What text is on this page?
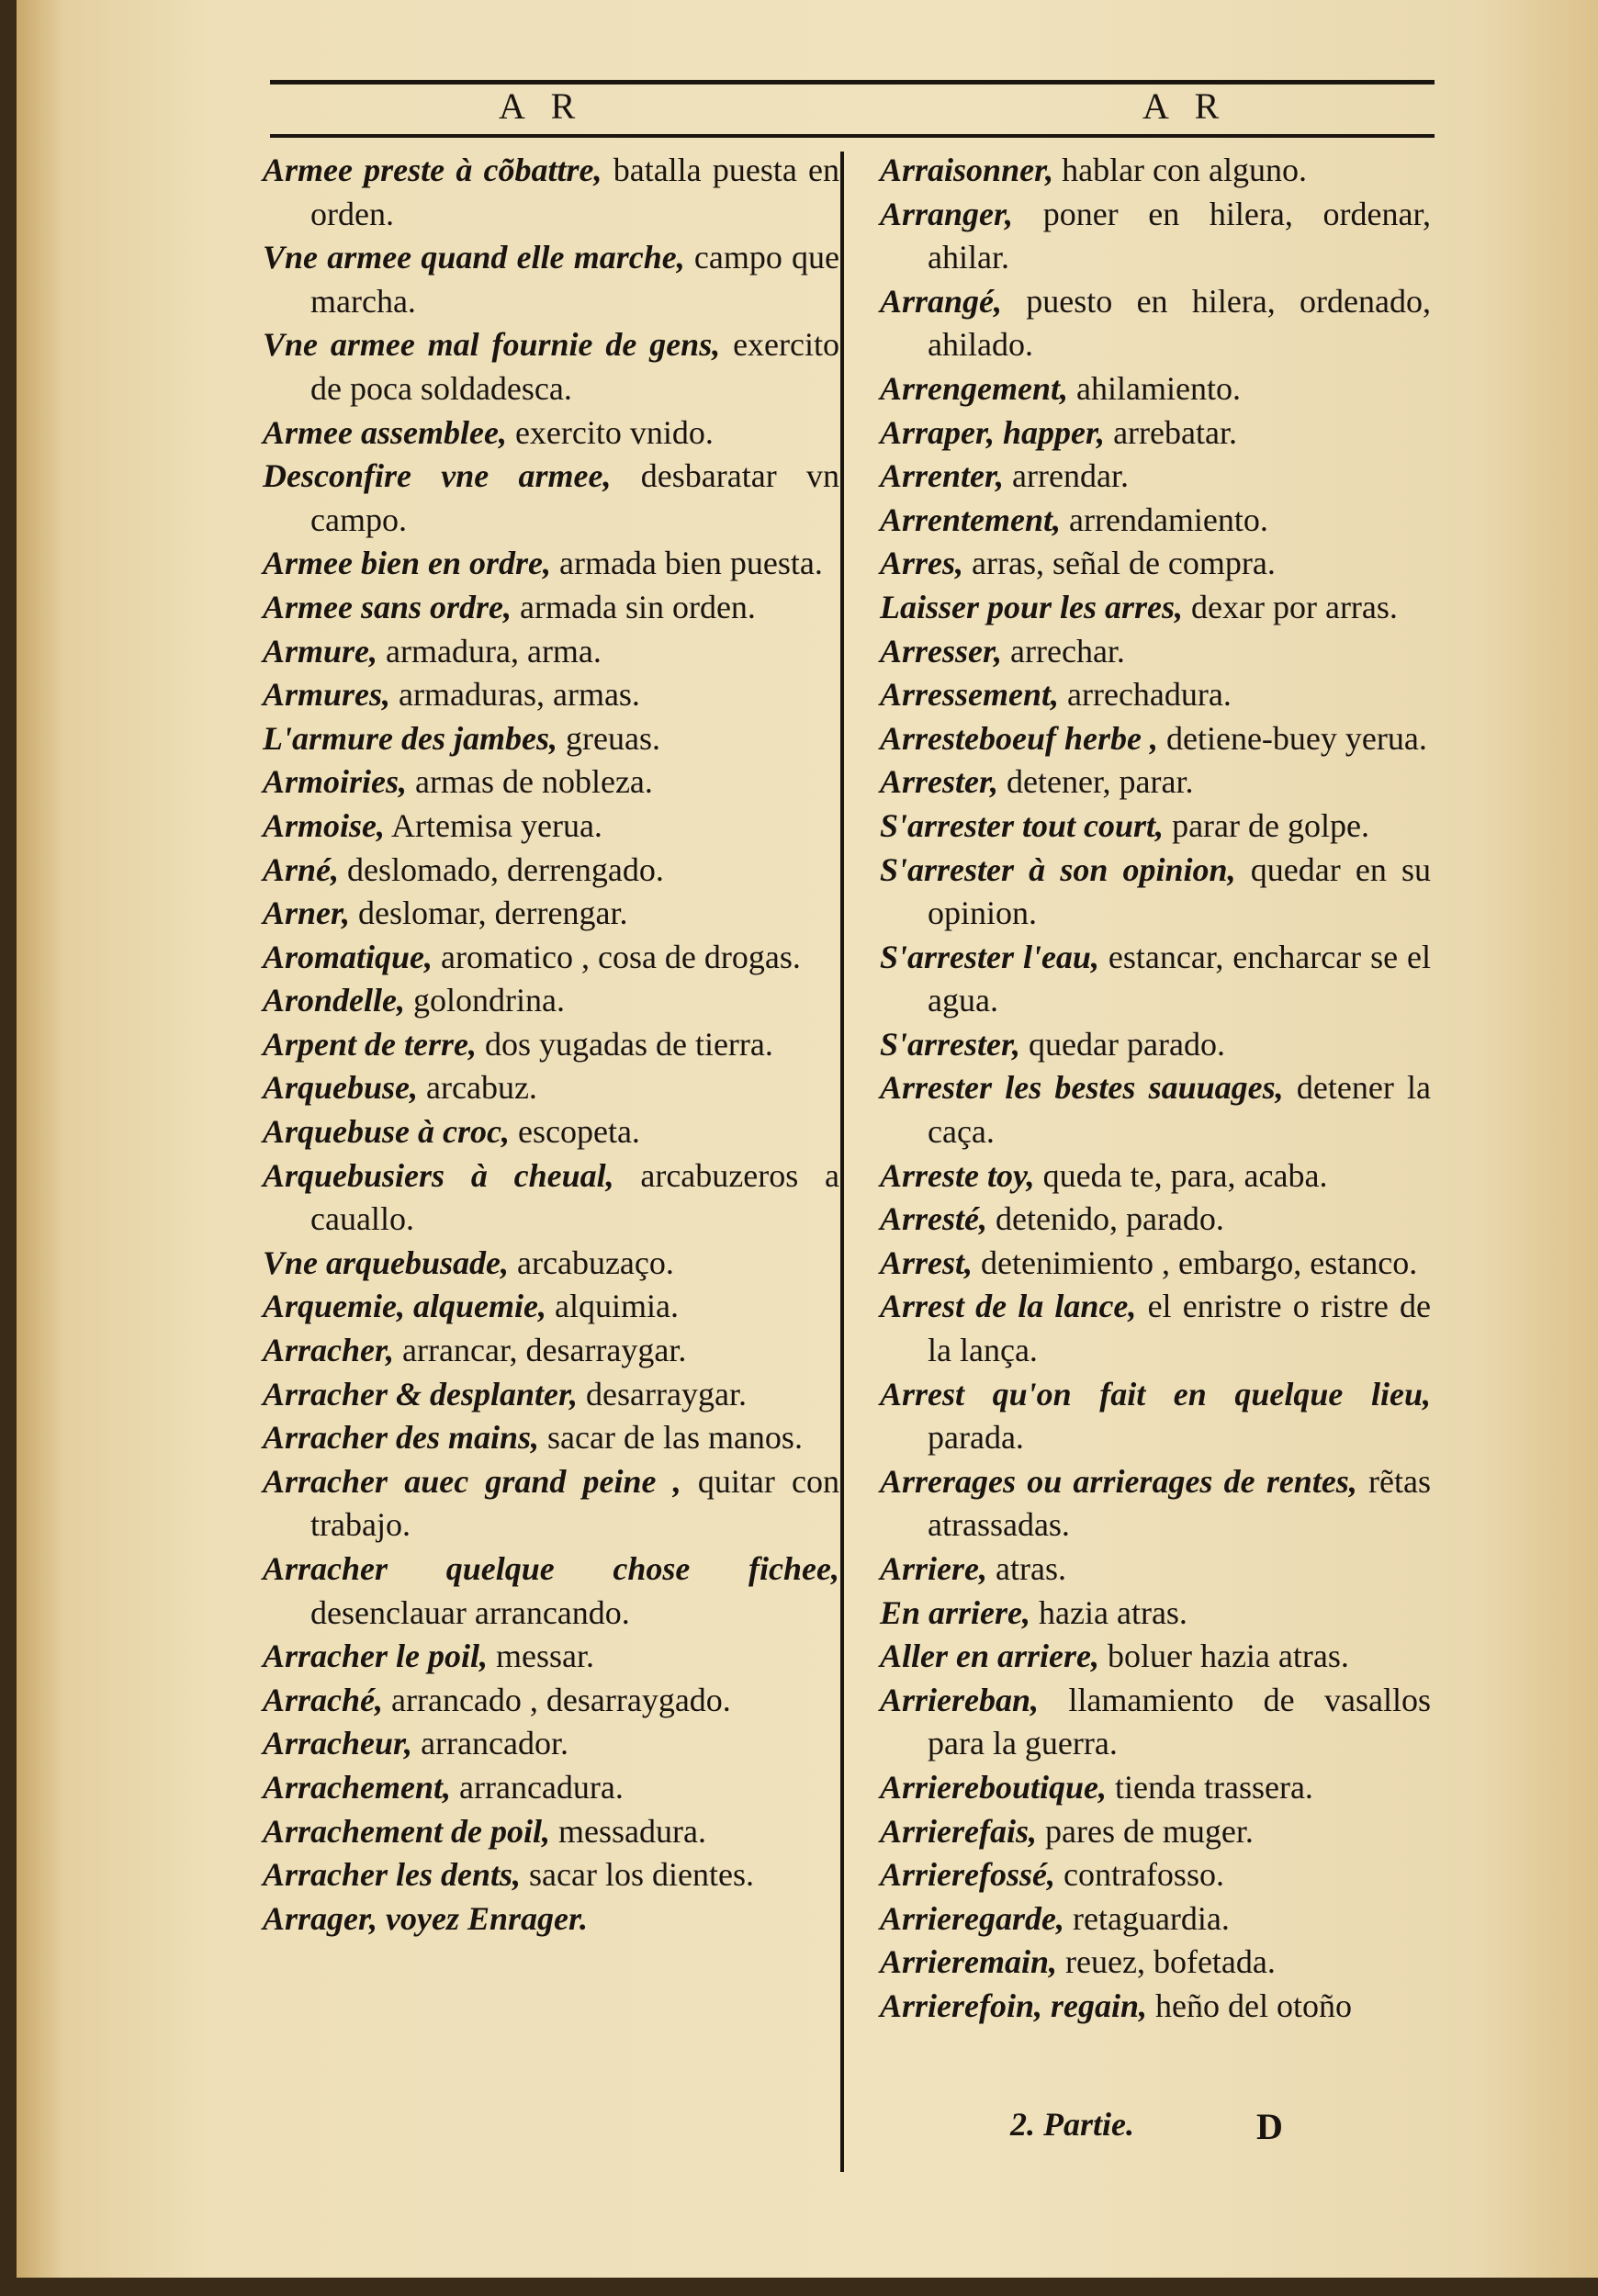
A R	A R

Armee preste à cõbattre, batalla puesta en orden.

Vne armee quand elle marche, campo que marcha.

Vne armee mal fournie de gens, exercito de poca soldadesca.

Armee assemblee, exercito vnido.

Desconfire vne armee, desbaratar vn campo.

Armee bien en ordre, armada bien puesta.

Armee sans ordre, armada sin orden.

Armure, armadura, arma.

Armures, armaduras, armas.

L'armure des jambes, greuas.

Armoiries, armas de nobleza.

Armoise, Artemisa yerua.

Arné, deslomado, derrengado.

Arner, deslomar, derrengar.

Aromatique, aromatico , cosa de drogas.

Arondelle, golondrina.

Arpent de terre, dos yugadas de tierra.

Arquebuse, arcabuz.

Arquebuse à croc, escopeta.

Arquebusiers à cheual, arcabuzeros a cauallo.

Vne arquebusade, arcabuzaço.

Arquemie, alquemie, alquimia.

Arracher, arrancar, desarraygar.

Arracher & desplanter, desarraygar.

Arracher des mains, sacar de las manos.

Arracher auec grand peine , quitar con trabajo.

Arracher quelque chose fichee, desenclauar arrancando.

Arracher le poil, messar.

Arraché, arrancado , desarraygado.

Arracheur, arrancador.

Arrachement, arrancadura.

Arrachement de poil, messadura.

Arracher les dents, sacar los dientes.

Arrager, voyez Enrager.

Arraisonner, hablar con alguno.

Arranger, poner en hilera, ordenar, ahilar.

Arrangé, puesto en hilera, ordenado, ahilado.

Arrengement, ahilamiento.

Arraper, happer, arrebatar.

Arrenter, arrendar.

Arrentement, arrendamiento.

Arres, arras, señal de compra.

Laisser pour les arres, dexar por arras.

Arresser, arrechar.

Arressement, arrechadura.

Arresteboeuf herbe , detiene-buey yerua.

Arrester, detener, parar.

S'arrester tout court, parar de golpe.

S'arrester à son opinion, quedar en su opinion.

S'arrester l'eau, estancar, encharcar se el agua.

S'arrester, quedar parado.

Arrester les bestes sauuages, detener la caça.

Arreste toy, queda te, para, acaba.

Arresté, detenido, parado.

Arrest, detenimiento , embargo, estanco.

Arrest de la lance, el enristre o ristre de la lança.

Arrest qu'on fait en quelque lieu, parada.

Arrerages ou arrierages de rentes, rẽtas atrassadas.

Arriere, atras.

En arriere, hazia atras.

Aller en arriere, boluer hazia atras.

Arriereban, llamamiento de vasallos para la guerra.

Arriereboutique, tienda trassera.

Arrierefais, pares de muger.

Arrierefossé, contrafosso.

Arrieregarde, retaguardia.

Arrieremain, reuez, bofetada.

Arrierefoin, regain, heño del otoño

2. Partie.	D
